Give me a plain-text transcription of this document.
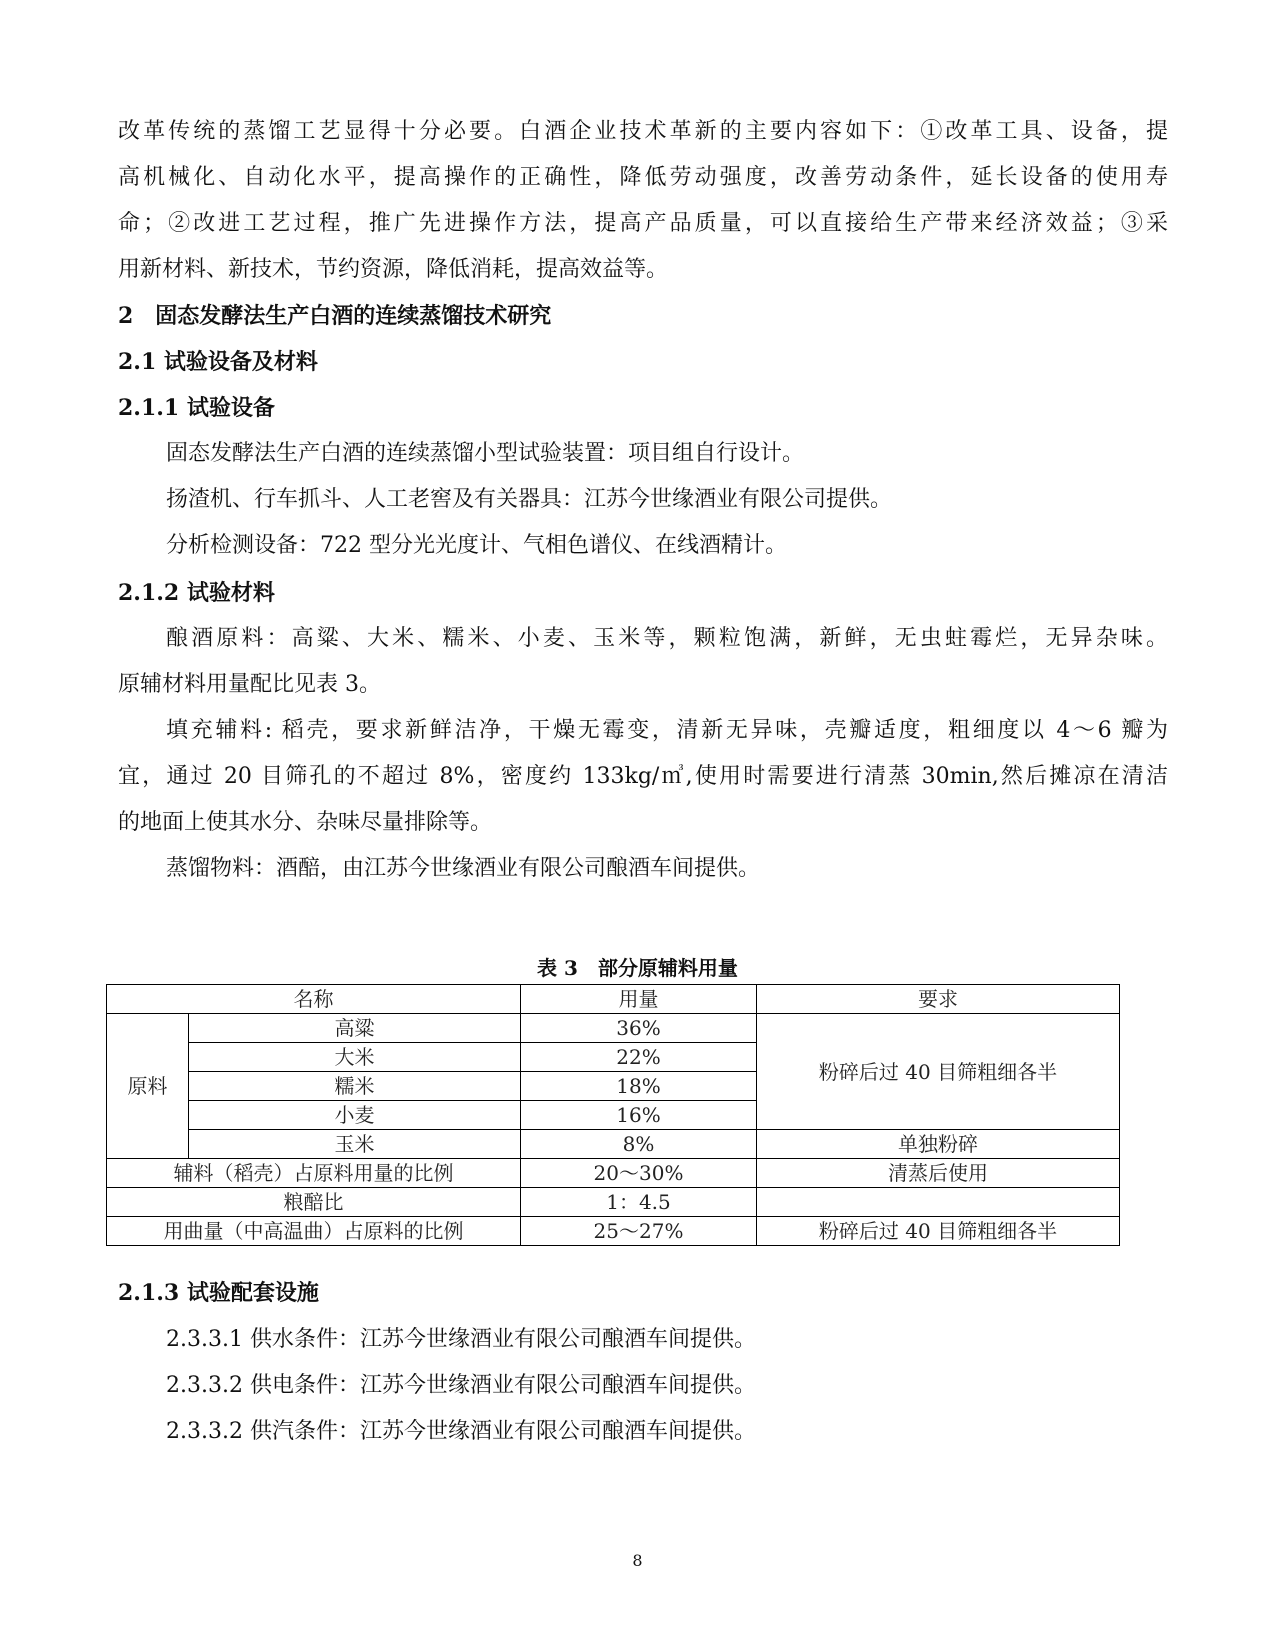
改革传统的蒸馏工艺显得十分必要。白酒企业技术革新的主要内容如下：①改革工具、设备，提
高机械化、自动化水平，提高操作的正确性，降低劳动强度，改善劳动条件，延长设备的使用寿
命；②改进工艺过程，推广先进操作方法，提高产品质量，可以直接给生产带来经济效益；③采
用新材料、新技术，节约资源，降低消耗，提高效益等。
2　固态发酵法生产白酒的连续蒸馏技术研究
2.1 试验设备及材料
2.1.1 试验设备
固态发酵法生产白酒的连续蒸馏小型试验装置：项目组自行设计。
扬渣机、行车抓斗、人工老窖及有关器具：江苏今世缘酒业有限公司提供。
分析检测设备：722 型分光光度计、气相色谱仪、在线酒精计。
2.1.2 试验材料
酿酒原料：高粱、大米、糯米、小麦、玉米等，颗粒饱满，新鲜，无虫蛀霉烂，无异杂味。
原辅材料用量配比见表 3。
填充辅料: 稻壳，要求新鲜洁净，干燥无霉变，清新无异味，壳瓣适度，粗细度以 4～6 瓣为
宜，通过 20 目筛孔的不超过 8%，密度约 133kg/㎥,使用时需要进行清蒸 30min,然后摊凉在清洁
的地面上使其水分、杂味尽量排除等。
蒸馏物料：酒醅，由江苏今世缘酒业有限公司酿酒车间提供。
表 3　部分原辅料用量
名称		用量	要求
原料	高粱	36%	粉碎后过 40 目筛粗细各半
	大米	22%	
	糯米	18%	
	小麦	16%	
	玉米	8%	单独粉碎
辅料（稻壳）占原料用量的比例		20～30%	清蒸后使用
粮醅比		1：4.5	
用曲量（中高温曲）占原料的比例		25～27%	粉碎后过 40 目筛粗细各半
2.1.3 试验配套设施
2.3.3.1 供水条件：江苏今世缘酒业有限公司酿酒车间提供。
2.3.3.2 供电条件：江苏今世缘酒业有限公司酿酒车间提供。
2.3.3.2 供汽条件：江苏今世缘酒业有限公司酿酒车间提供。
8
